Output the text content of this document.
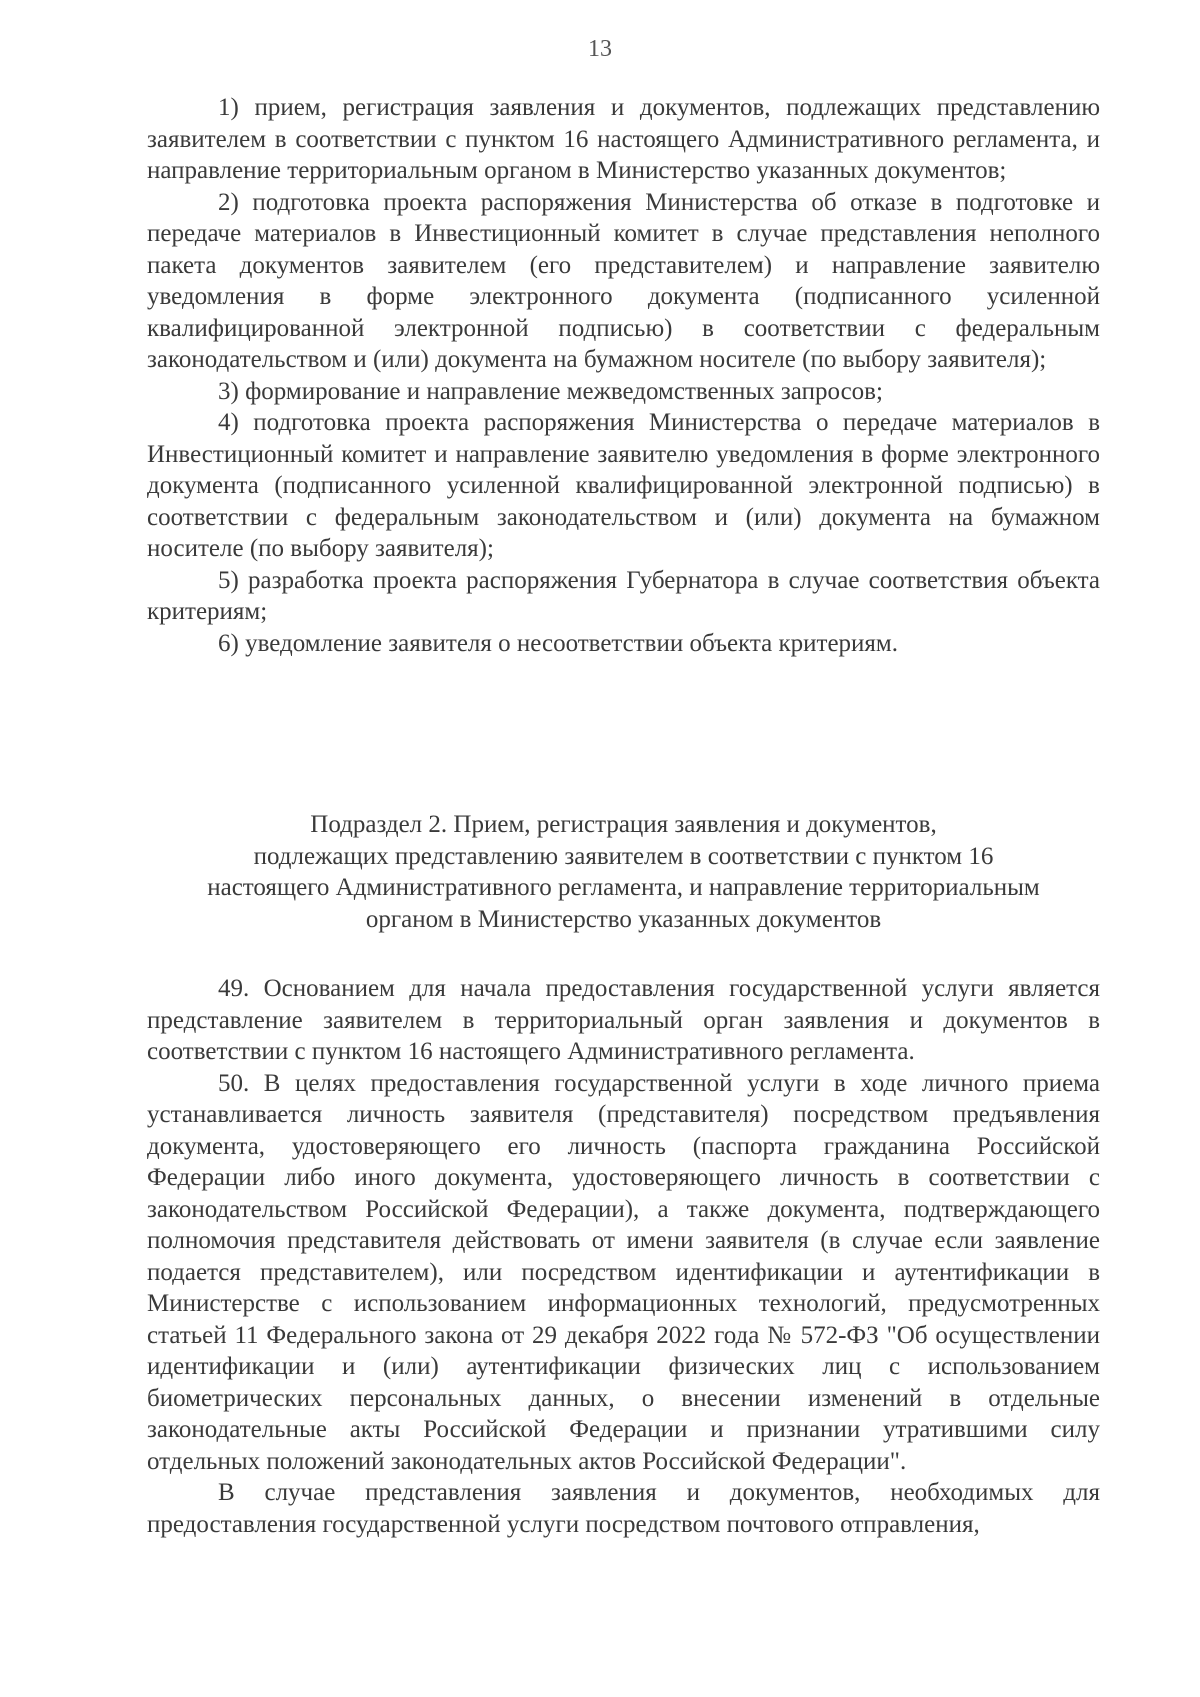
13

1) прием, регистрация заявления и документов, подлежащих представлению заявителем в соответствии с пунктом 16 настоящего Административного регламента, и направление территориальным органом в Министерство указанных документов;

2) подготовка проекта распоряжения Министерства об отказе в подготовке и передаче материалов в Инвестиционный комитет в случае представления неполного пакета документов заявителем (его представителем) и направление заявителю уведомления в форме электронного документа (подписанного усиленной квалифицированной электронной подписью) в соответствии с федеральным законодательством и (или) документа на бумажном носителе (по выбору заявителя);

3) формирование и направление межведомственных запросов;

4) подготовка проекта распоряжения Министерства о передаче материалов в Инвестиционный комитет и направление заявителю уведомления в форме электронного документа (подписанного усиленной квалифицированной электронной подписью) в соответствии с федеральным законодательством и (или) документа на бумажном носителе (по выбору заявителя);

5) разработка проекта распоряжения Губернатора в случае соответствия объекта критериям;

6) уведомление заявителя о несоответствии объекта критериям.

Подраздел 2. Прием, регистрация заявления и документов,
подлежащих представлению заявителем в соответствии с пунктом 16
настоящего Административного регламента, и направление территориальным
органом в Министерство указанных документов

49. Основанием для начала предоставления государственной услуги является представление заявителем в территориальный орган заявления и документов в соответствии с пунктом 16 настоящего Административного регламента.

50. В целях предоставления государственной услуги в ходе личного приема устанавливается личность заявителя (представителя) посредством предъявления документа, удостоверяющего его личность (паспорта гражданина Российской Федерации либо иного документа, удостоверяющего личность в соответствии с законодательством Российской Федерации), а также документа, подтверждающего полномочия представителя действовать от имени заявителя (в случае если заявление подается представителем), или посредством идентификации и аутентификации в Министерстве с использованием информационных технологий, предусмотренных статьей 11 Федерального закона от 29 декабря 2022 года № 572-ФЗ "Об осуществлении идентификации и (или) аутентификации физических лиц с использованием биометрических персональных данных, о внесении изменений в отдельные законодательные акты Российской Федерации и признании утратившими силу отдельных положений законодательных актов Российской Федерации".

В случае представления заявления и документов, необходимых для предоставления государственной услуги посредством почтового отправления,
